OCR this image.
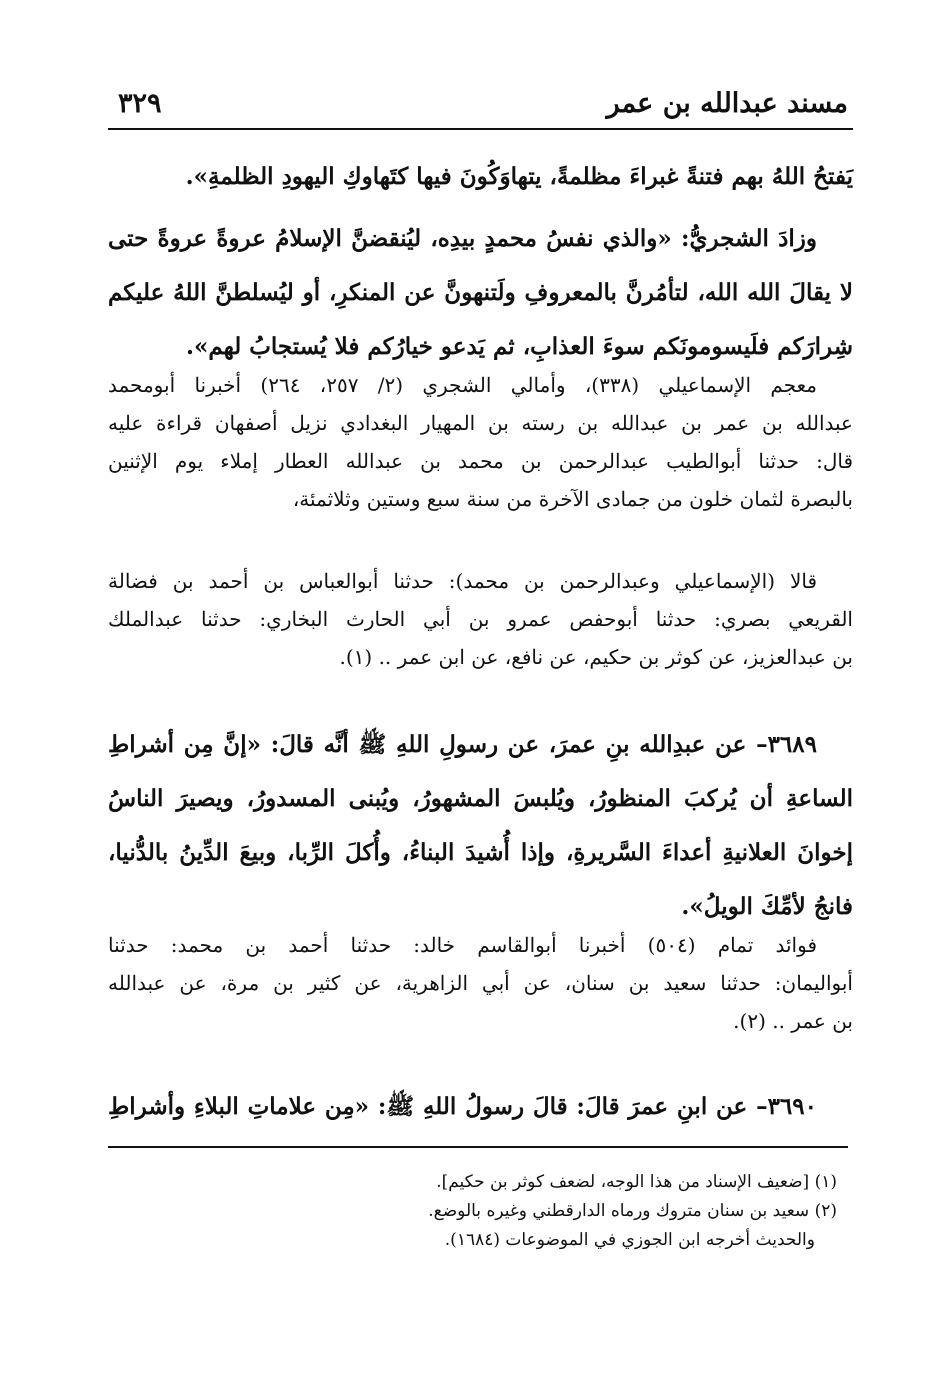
مسند عبدالله بن عمر
٣٢٩
يَفتحُ اللهُ بهم فتنةً غبراءَ مظلمةً، يتهاوَكُونَ فيها كتَهاوكِ اليهودِ الظلمةِ».
وزادَ الشجريُّ: «والذي نفسُ محمدٍ بيدِه، ليُنقضنَّ الإسلامُ عروةً عروةً حتى
لا يقالَ الله الله، لتأمُرنَّ بالمعروفِ ولَتنهونَّ عن المنكرِ، أو ليُسلطنَّ اللهُ عليكم
شِرارَكم فلَيسومونَكم سوءَ العذابِ، ثم يَدعو خيارُكم فلا يُستجابُ لهم».
معجم الإسماعيلي (٣٣٨)، وأمالي الشجري (٢/ ٢٥٧، ٢٦٤) أخبرنا أبومحمد
عبدالله بن عمر بن عبدالله بن رسته بن المهيار البغدادي نزيل أصفهان قراءة عليه
قال: حدثنا أبوالطيب عبدالرحمن بن محمد بن عبدالله العطار إملاء يوم الإثنين
بالبصرة لثمان خلون من جمادى الآخرة من سنة سبع وستين وثلاثمئة،
قالا (الإسماعيلي وعبدالرحمن بن محمد): حدثنا أبوالعباس بن أحمد بن فضالة
القريعي بصري: حدثنا أبوحفص عمرو بن أبي الحارث البخاري: حدثنا عبدالملك
بن عبدالعزيز، عن كوثر بن حكيم، عن نافع، عن ابن عمر .. (١).
٣٦٨٩– عن عبدِالله بنِ عمرَ، عن رسولِ اللهِ ﷺ أنَّه قالَ: «إنَّ مِن أشراطِ
الساعةِ أن يُركبَ المنظورُ، ويُلبسَ المشهورُ، ويُبنى المسدورُ، ويصيرَ الناسُ
إخوانَ العلانيةِ أعداءَ السَّريرةِ، وإذا أُشيدَ البناءُ، وأُكلَ الرِّبا، وبيعَ الدِّينُ بالدُّنيا،
فانجُ لأمِّكَ الويلُ».
فوائد تمام (٥٠٤) أخبرنا أبوالقاسم خالد: حدثنا أحمد بن محمد: حدثنا
أبواليمان: حدثنا سعيد بن سنان، عن أبي الزاهرية، عن كثير بن مرة، عن عبدالله
بن عمر .. (٢).
٣٦٩٠– عن ابنِ عمرَ قالَ: قالَ رسولُ اللهِ ﷺ: «مِن علاماتِ البلاءِ وأشراطِ
(١) [ضعيف الإسناد من هذا الوجه، لضعف كوثر بن حكيم].
(٢) سعيد بن سنان متروك ورماه الدارقطني وغيره بالوضع.
والحديث أخرجه ابن الجوزي في الموضوعات (١٦٨٤).
